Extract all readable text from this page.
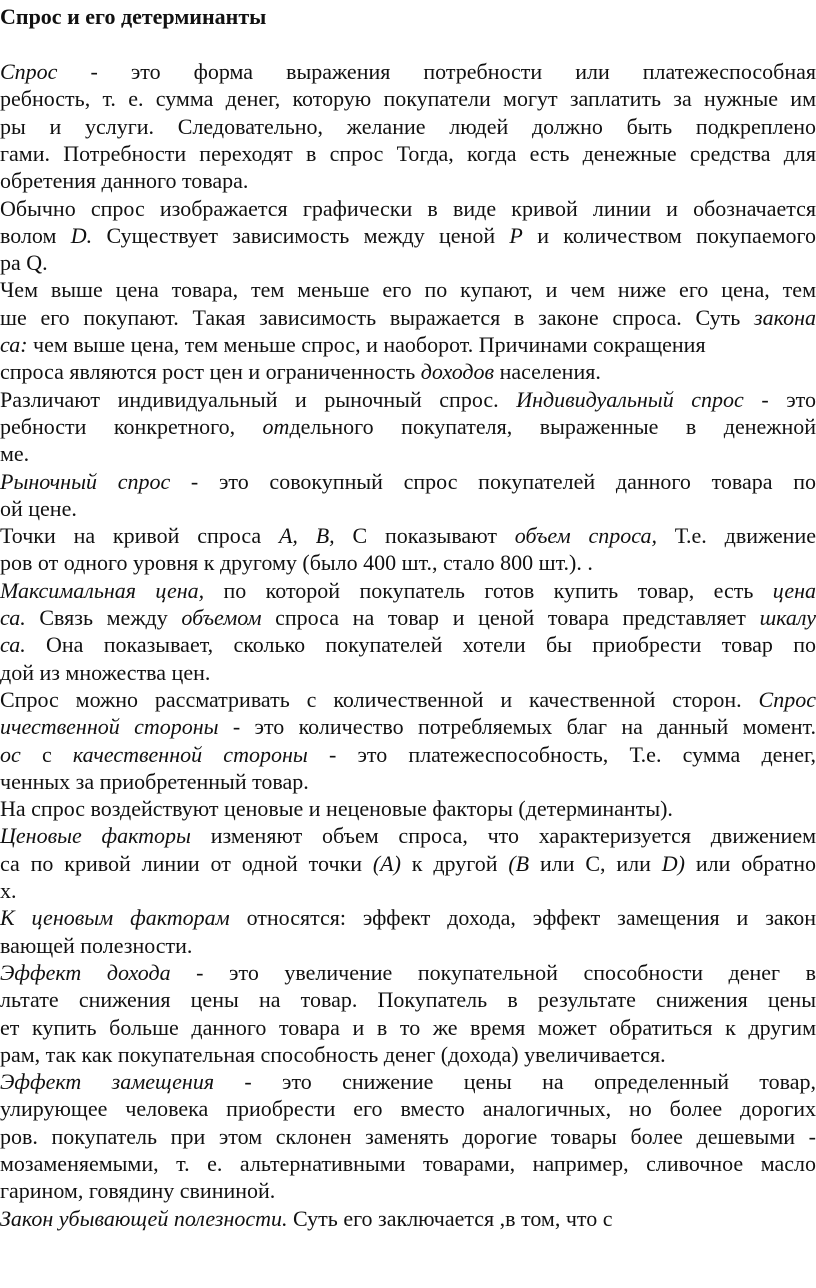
Спрос и его детерминанты
Спрос - это форма выражения потребности или платежеспособная
ребность, т. е. сумма денег, которую покупатели могут заплатить за нужные им
ры и услуги. Следовательно, желание людей должно быть подкреплено
гами. Потребности переходят в спрос Тогда, когда есть денежные средства для
обретения данного товара.
Обычно спрос изображается графически в виде кривой линии и обозначается
волом D. Существует зависимость между ценой Р и количеством покупаемого
ра Q.
Чем выше цена товара, тем меньше его по купают, и чем ниже его цена, тем
ше его покупают. Такая зависимость выражается в законе спроса. Суть закона
са: чем выше цена, тем меньше спрос, и наоборот. Причинами сокращения
спроса являются рост цен и ограниченность доходов населения.
Различают индивидуальный и рыночный спрос. Индивидуальный спрос - это
ребности конкретного, отдельного покупателя, выраженные в денежной
ме.
Рыночный спрос - это совокупный спрос покупателей данного товара по
ой цене.
Точки на кривой спроса А, В, С показывают объем спроса, Т.е. движение
ров от одного уровня к другому (было 400 шт., стало 800 шт.). .
Максимальная цена, по которой покупатель готов купить товар, есть цена
са. Связь между объемом спроса на товар и ценой товара представляет шкалу
са. Она показывает, сколько покупателей хотели бы приобрести товар по
дой из множества цен.
Спрос можно рассматривать с количественной и качественной сторон. Спрос
ичественной стороны - это количество потребляемых благ на данный момент.
ос с качественной стороны - это платежеспособность, Т.е. сумма денег,
ченных за приобретенный товар.
На спрос воздействуют ценовые и неценовые факторы (детерминанты).
Ценовые факторы изменяют объем спроса, что характеризуется движением
са по кривой линии от одной точки (А) к другой (В или С, или D) или обратно
х.
К ценовым факторам относятся: эффект дохода, эффект замещения и закон
вающей полезности.
Эффект дохода - это увеличение покупательной способности денег в
льтате снижения цены на товар. Покупатель в результате снижения цены
ет купить больше данного товара и в то же время может обратиться к другим
рам, так как покупательная способность денег (дохода) увеличивается.
Эффект замещения - это снижение цены на определенный товар,
улирующее человека приобрести его вместо аналогичных, но более дорогих
ров. покупатель при этом склонен заменять дорогие товары более дешевыми -
мозаменяемыми, т. е. альтернативными товарами, например, сливочное масло
гарином, говядину свининой.
Закон убывающей полезности. Суть его заключается ,в том, что с
